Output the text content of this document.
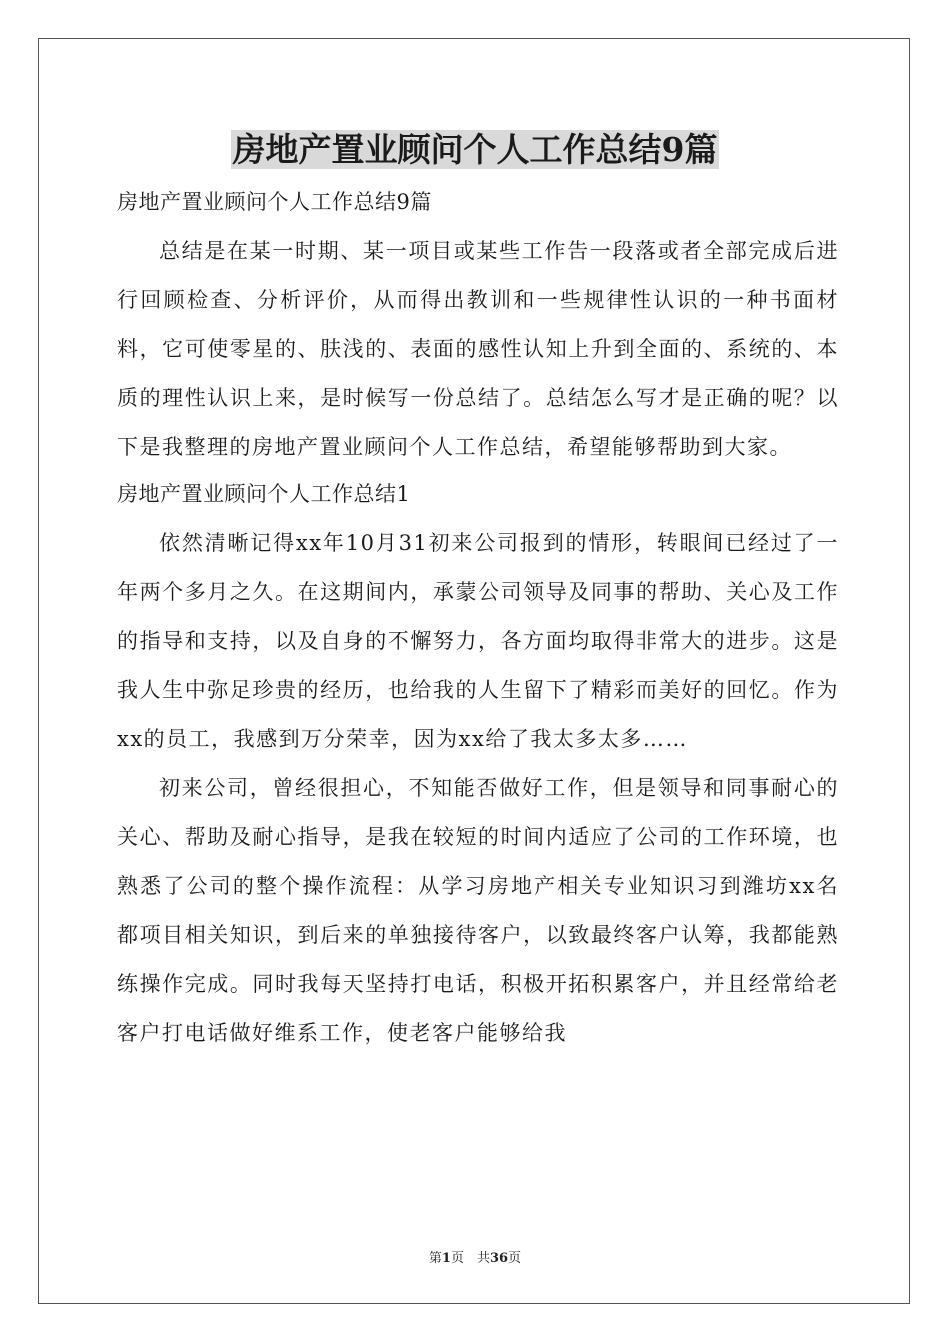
房地产置业顾问个人工作总结9篇

房地产置业顾问个人工作总结9篇

总结是在某一时期、某一项目或某些工作告一段落或者全部完成后进行回顾检查、分析评价，从而得出教训和一些规律性认识的一种书面材料，它可使零星的、肤浅的、表面的感性认知上升到全面的、系统的、本质的理性认识上来，是时候写一份总结了。总结怎么写才是正确的呢？以下是我整理的房地产置业顾问个人工作总结，希望能够帮助到大家。

房地产置业顾问个人工作总结1

依然清晰记得xx年10月31初来公司报到的情形，转眼间已经过了一年两个多月之久。在这期间内，承蒙公司领导及同事的帮助、关心及工作的指导和支持，以及自身的不懈努力，各方面均取得非常大的进步。这是我人生中弥足珍贵的经历，也给我的人生留下了精彩而美好的回忆。作为xx的员工，我感到万分荣幸，因为xx给了我太多太多……

初来公司，曾经很担心，不知能否做好工作，但是领导和同事耐心的关心、帮助及耐心指导，是我在较短的时间内适应了公司的工作环境，也熟悉了公司的整个操作流程：从学习房地产相关专业知识习到潍坊xx名都项目相关知识，到后来的单独接待客户，以致最终客户认筹，我都能熟练操作完成。同时我每天坚持打电话，积极开拓积累客户，并且经常给老客户打电话做好维系工作，使老客户能够给我

第1页　共36页
